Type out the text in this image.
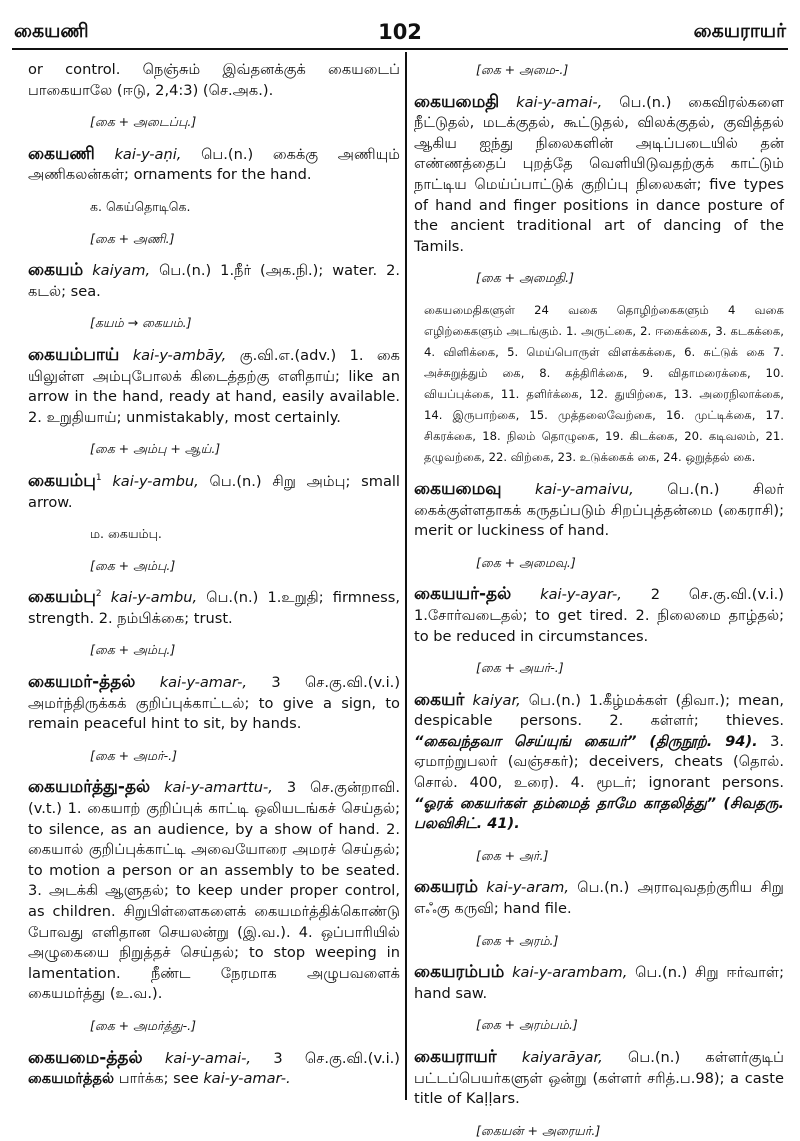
கையணி	102	கையராயர்

or control. நெஞ்சும் இவ்தனக்குக் கையடைப் பாகையாலே (ஈடு, 2,4:3) (செ.அக.).

[கை + அடைப்பு.]

கையணி kai-y-aṇi, பெ.(n.) கைக்கு அணியும் அணிகலன்கள்; ornaments for the hand.

க. கெய்தொடிகெ.
[கை + அணி.]

கையம் kaiyam, பெ.(n.) 1.நீர் (அக.நி.); water. 2. கடல்; sea.

[கயம் → கையம்.]

கையம்பாய் kai-y-ambāy, கு.வி.எ.(adv.) 1. கை யிலுள்ள அம்புபோலக் கிடைத்தற்கு எளிதாய்; like an arrow in the hand, ready at hand, easily available. 2. உறுதியாய்; unmistakably, most certainly.

[கை + அம்பு + ஆய்.]

கையம்பு$^1$ kai-y-ambu, பெ.(n.) சிறு அம்பு; small arrow.

ம. கையம்பு.
[கை + அம்பு.]

கையம்பு$^2$ kai-y-ambu, பெ.(n.) 1.உறுதி; firmness, strength. 2. நம்பிக்கை; trust.

[கை + அம்பு.]

கையமர்-த்தல் kai-y-amar-, 3 செ.கு.வி.(v.i.) அமர்ந்திருக்கக் குறிப்புக்காட்டல்; to give a sign, to remain peaceful hint to sit, by hands.

[கை + அமர்-.]

கையமர்த்து-தல் kai-y-amarttu-, 3 செ.குன்றாவி. (v.t.) 1. கையாற் குறிப்புக் காட்டி ஒலியடங்கச் செய்தல்; to silence, as an audience, by a show of hand. 2. கையால் குறிப்புக்காட்டி அவையோரை அமரச் செய்தல்; to motion a person or an assembly to be seated. 3. அடக்கி ஆளுதல்; to keep under proper control, as children. சிறுபிள்ளைகளைக் கையமர்த்திக்கொண்டு போவது எளிதான செயலன்று (இ.வ.). 4. ஒப்பாரியில் அழுகையை நிறுத்தச் செய்தல்; to stop weeping in lamentation. நீண்ட நேரமாக அழுபவளைக் கையமர்த்து (உ.வ.).

[கை + அமர்த்து-.]

கையமை-த்தல் kai-y-amai-, 3 செ.கு.வி.(v.i.) கையமர்த்தல் பார்க்க; see kai-y-amar-.

[கை + அமை-.]

கையமைதி kai-y-amai-, பெ.(n.) கைவிரல்களை நீட்டுதல், மடக்குதல், கூட்டுதல், விலக்குதல், குவித்தல் ஆகிய ஐந்து நிலைகளின் அடிப்படையில் தன் எண்ணத்தைப் புறத்தே வெளியிடுவதற்குக் காட்டும் நாட்டிய மெய்ப்பாட்டுக் குறிப்பு நிலைகள்; five types of hand and finger positions in dance posture of the ancient traditional art of dancing of the Tamils.

[கை + அமைதி.]

கையமைதிகளுள் 24 வகை தொழிற்கைகளும் 4 வகை எழிற்கைகளும் அடங்கும். 1. அருட்கை, 2. ஈகைக்கை, 3. கடகக்கை, 4. விளிக்கை, 5. மெய்பொருள் விளக்கக்கை, 6. சுட்டுக் கை 7. அச்சுறுத்தும் கை, 8. கத்திரிக்கை, 9. விதாமரைக்கை, 10. வியப்புக்கை, 11. தளிர்க்கை, 12. துயிற்கை, 13. அரைநிலாக்கை, 14. இருபாற்கை, 15. முத்தலைவேற்கை, 16. முட்டிக்கை, 17. சிகரக்கை, 18. நிலம் தொழுகை, 19. கிடக்கை, 20. கடிவலம், 21. தழுவற்கை, 22. விற்கை, 23. உடுக்கைக் கை, 24. ஒறுத்தல் கை.

கையமைவு kai-y-amaivu, பெ.(n.) சிலர் கைக்குள்ளதாகக் கருதப்படும் சிறப்புத்தன்மை (கைராசி); merit or luckiness of hand.

[கை + அமைவு.]

கையயர்-தல் kai-y-ayar-, 2 செ.கு.வி.(v.i.) 1.சோர்வடைதல்; to get tired. 2. நிலைமை தாழ்தல்; to be reduced in circumstances.

[கை + அயர்-.]

கையர் kaiyar, பெ.(n.) 1.கீழ்மக்கள் (திவா.); mean, despicable persons. 2. கள்ளர்; thieves. “கைவந்தவா செய்யுங் கையர்” (திருநூற். 94). 3. ஏமாற்றுபலர் (வஞ்சகர்); deceivers, cheats (தொல். சொல். 400, உரை). 4. மூடர்; ignorant persons. “ஓரக் கையர்கள் தம்மைத் தாமே காதலித்து” (சிவதரு. பலவிசிட். 41).

[கை + அர்.]

கையரம் kai-y-aram, பெ.(n.) அராவுவதற்குரிய சிறு எஃகு கருவி; hand file.

[கை + அரம்.]

கையரம்பம் kai-y-arambam, பெ.(n.) சிறு ஈர்வாள்; hand saw.

[கை + அரம்பம்.]

கையராயர் kaiyarāyar, பெ.(n.) கள்ளர்குடிப் பட்டப்பெயர்களுள் ஒன்று (கள்ளர் சரித்.ப.98); a caste title of Kaḷḷars.

[கையன் + அரையர்.]
